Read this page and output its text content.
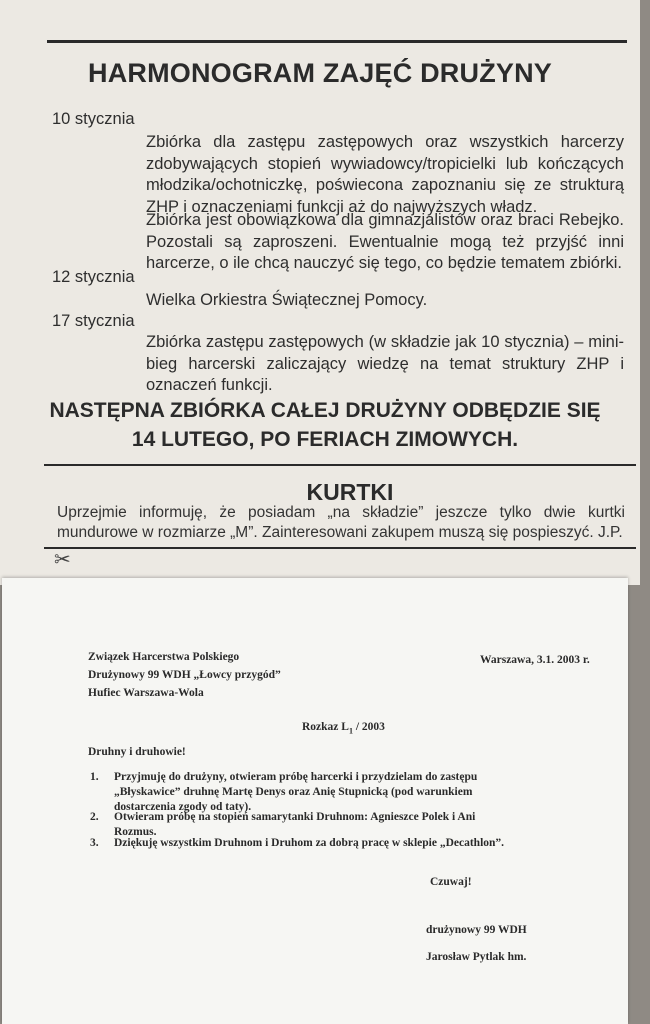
HARMONOGRAM ZAJĘĆ DRUŻYNY
10 stycznia
Zbiórka dla zastępu zastępowych oraz wszystkich harcerzy zdobywających stopień wywiadowcy/tropicielki lub kończących młodzika/ochotniczkę, poświecona zapoznaniu się ze strukturą ZHP i oznaczeniami funkcji aż do najwyższych władz.
Zbiórka jest obowiązkowa dla gimnazjalistów oraz braci Rebejko. Pozostali są zaproszeni. Ewentualnie mogą też przyjść inni harcerze, o ile chcą nauczyć się tego, co będzie tematem zbiórki.
12 stycznia
Wielka Orkiestra Świątecznej Pomocy.
17 stycznia
Zbiórka zastępu zastępowych (w składzie jak 10 stycznia) – mini-bieg harcerski zaliczający wiedzę na temat struktury ZHP i oznaczeń funkcji.
NASTĘPNA ZBIÓRKA CAŁEJ DRUŻYNY ODBĘDZIE SIĘ
14 LUTEGO, PO FERIACH ZIMOWYCH.
KURTKI
Uprzejmie informuję, że posiadam „na składzie” jeszcze tylko dwie kurtki mundurowe w rozmiarze „M”. Zainteresowani zakupem muszą się pospieszyć. J.P.
✂
Związek Harcerstwa Polskiego
Drużynowy 99 WDH „Łowcy przygód”
Hufiec Warszawa-Wola
Warszawa, 3.1. 2003 r.
Rozkaz $L_1 / 2003$
Druhny i druhowie!
1. Przyjmuję do drużyny, otwieram próbę harcerki i przydzielam do zastępu „Błyskawice” druhnę Martę Denys oraz Anię Stupnicką (pod warunkiem dostarczenia zgody od taty).
2. Otwieram próbę na stopień samarytanki Druhnom: Agnieszce Polek i Ani Rozmus.
3. Dziękuję wszystkim Druhnom i Druhom za dobrą pracę w sklepie „Decathlon”.
Czuwaj!
drużynowy 99 WDH
Jarosław Pytlak hm.
